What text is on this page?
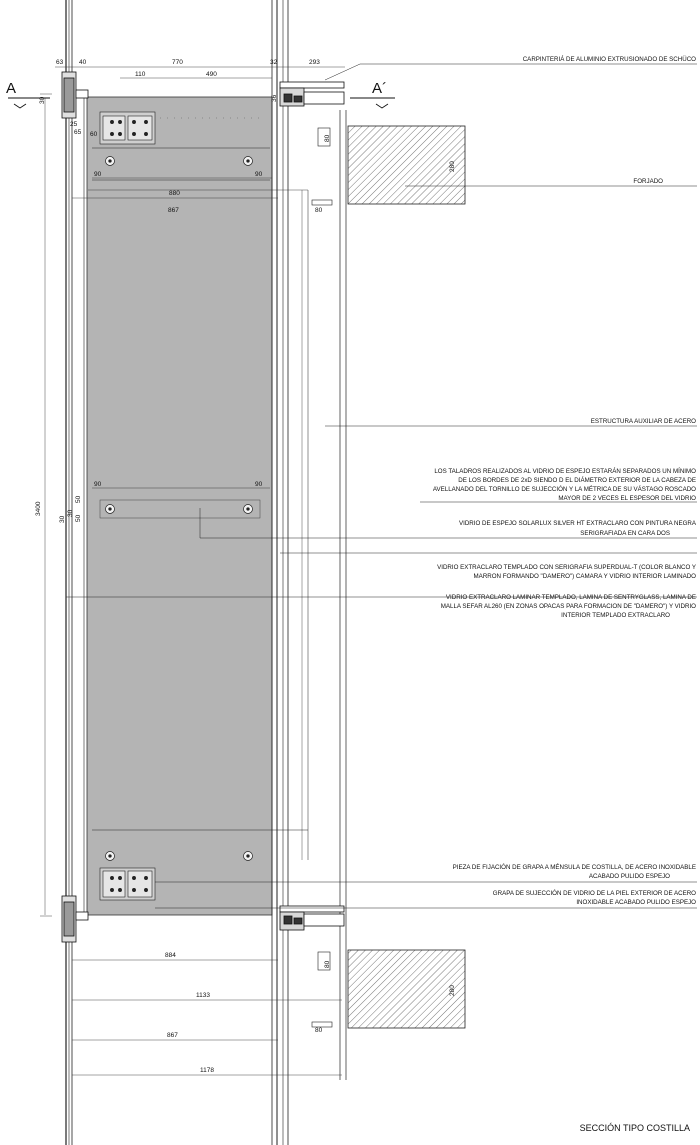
63 40	770	32	293
110	490
30	36
25
65 60
90	90
880
867
80
280
80
3400
90	90
50
50
30
30
884
1133
867
1178
80
280
80
A	A´
CARPINTERIÁ DE ALUMINIO EXTRUSIONADO DE SCHÜCO
FORJADO
ESTRUCTURA AUXILIAR DE ACERO
LOS TALADROS REALIZADOS AL VIDRIO DE ESPEJO ESTARÁN SEPARADOS UN MÍNIMO
DE LOS BORDES DE 2xD SIENDO D EL DIÁMETRO EXTERIOR DE LA CABEZA DE
AVELLANADO DEL TORNILLO DE SUJECCIÓN Y LA MÉTRICA DE SU VÁSTAGO ROSCADO
MAYOR DE 2 VECES EL ESPESOR DEL VIDRIO
VIDRIO DE ESPEJO SOLARLUX SILVER HT EXTRACLARO CON PINTURA NEGRA
SERIGRAFIADA EN CARA DOS
VIDRIO EXTRACLARO TEMPLADO CON SERIGRAFIA SUPERDUAL-T (COLOR BLANCO Y
MARRON FORMANDO "DAMERO") CAMARA Y VIDRIO INTERIOR LAMINADO
VIDRIO EXTRACLARO LAMINAR TEMPLADO, LAMINA DE SENTRYGLASS, LAMINA DE
MALLA SEFAR AL260 (EN ZONAS OPACAS PARA FORMACION DE "DAMERO") Y VIDRIO
INTERIOR TEMPLADO EXTRACLARO
PIEZA DE FIJACIÓN DE GRAPA A MÉNSULA DE COSTILLA, DE ACERO INOXIDABLE
ACABADO PULIDO ESPEJO
GRAPA DE SUJECCIÓN DE VIDRIO DE LA PIEL EXTERIOR DE ACERO
INOXIDABLE ACABADO PULIDO ESPEJO
SECCIÓN TIPO COSTILLA
